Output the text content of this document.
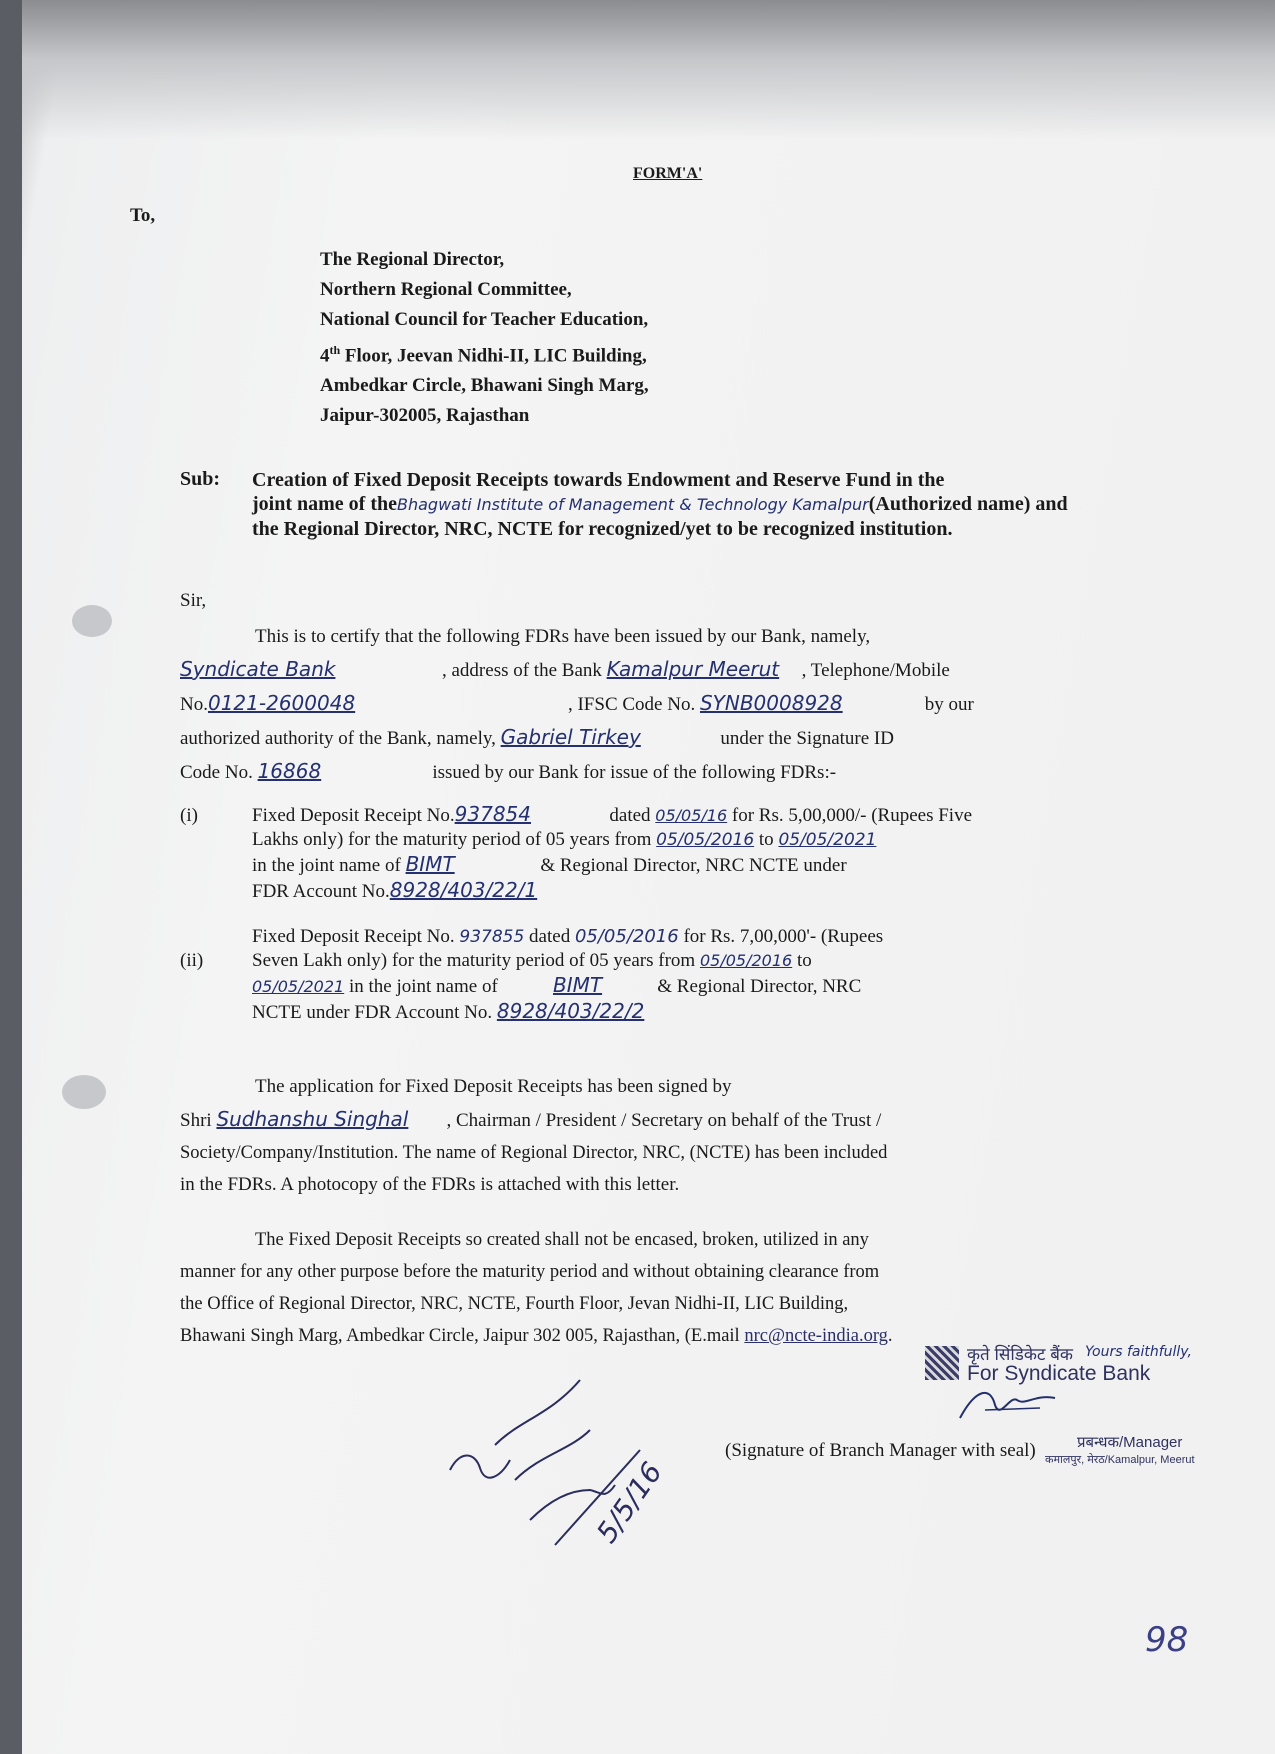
FORM'A'
To,
The Regional Director,
Northern Regional Committee,
National Council for Teacher Education,
4th Floor, Jeevan Nidhi-II, LIC Building,
Ambedkar Circle, Bhawani Singh Marg,
Jaipur-302005, Rajasthan
Sub: Creation of Fixed Deposit Receipts towards Endowment and Reserve Fund in the
joint name of theBhagwati Institute of Management & Technology Kamalpur(Authorized name) and
the Regional Director, NRC, NCTE for recognized/yet to be recognized institution.
Sir,
This is to certify that the following FDRs have been issued by our Bank, namely,
Syndicate Bank	, address of the Bank Kamalpur Meerut , Telephone/Mobile
No.0121-2600048	, IFSC Code No. SYNB0008928	by our
authorized authority of the Bank, namely, Gabriel Tirkey	under the Signature ID
Code No. 16868	issued by our Bank for issue of the following FDRs:-
(i)	Fixed Deposit Receipt No.937854	dated 05/05/16 for Rs. 5,00,000/- (Rupees Five
Lakhs only) for the maturity period of 05 years from 05/05/2016 to 05/05/2021
in the joint name of BIMT	& Regional Director, NRC NCTE under
FDR Account No.8928/403/22/1
(ii)
Fixed Deposit Receipt No. 937855 dated 05/05/2016 for Rs. 7,00,000'- (Rupees
Seven Lakh only) for the maturity period of 05 years from 05/05/2016 to
05/05/2021 in the joint name of	BIMT	& Regional Director, NRC
NCTE under FDR Account No. 8928/403/22/2
The application for Fixed Deposit Receipts has been signed by
Shri Sudhanshu Singhal , Chairman / President / Secretary on behalf of the Trust /
Society/Company/Institution. The name of Regional Director, NRC, (NCTE) has been included
in the FDRs. A photocopy of the FDRs is attached with this letter.
The Fixed Deposit Receipts so created shall not be encased, broken, utilized in any
manner for any other purpose before the maturity period and without obtaining clearance from
the Office of Regional Director, NRC, NCTE, Fourth Floor, Jevan Nidhi-II, LIC Building,
Bhawani Singh Marg, Ambedkar Circle, Jaipur 302 005, Rajasthan, (E.mail nrc@ncte-india.org.
कृते सिंडिकेट बैंक Yours faithfully,
For Syndicate Bank
प्रबन्धक/Manager
कमालपुर, मेरठ/Kamalpur, Meerut
(Signature of Branch Manager with seal)
5/5/16
98
